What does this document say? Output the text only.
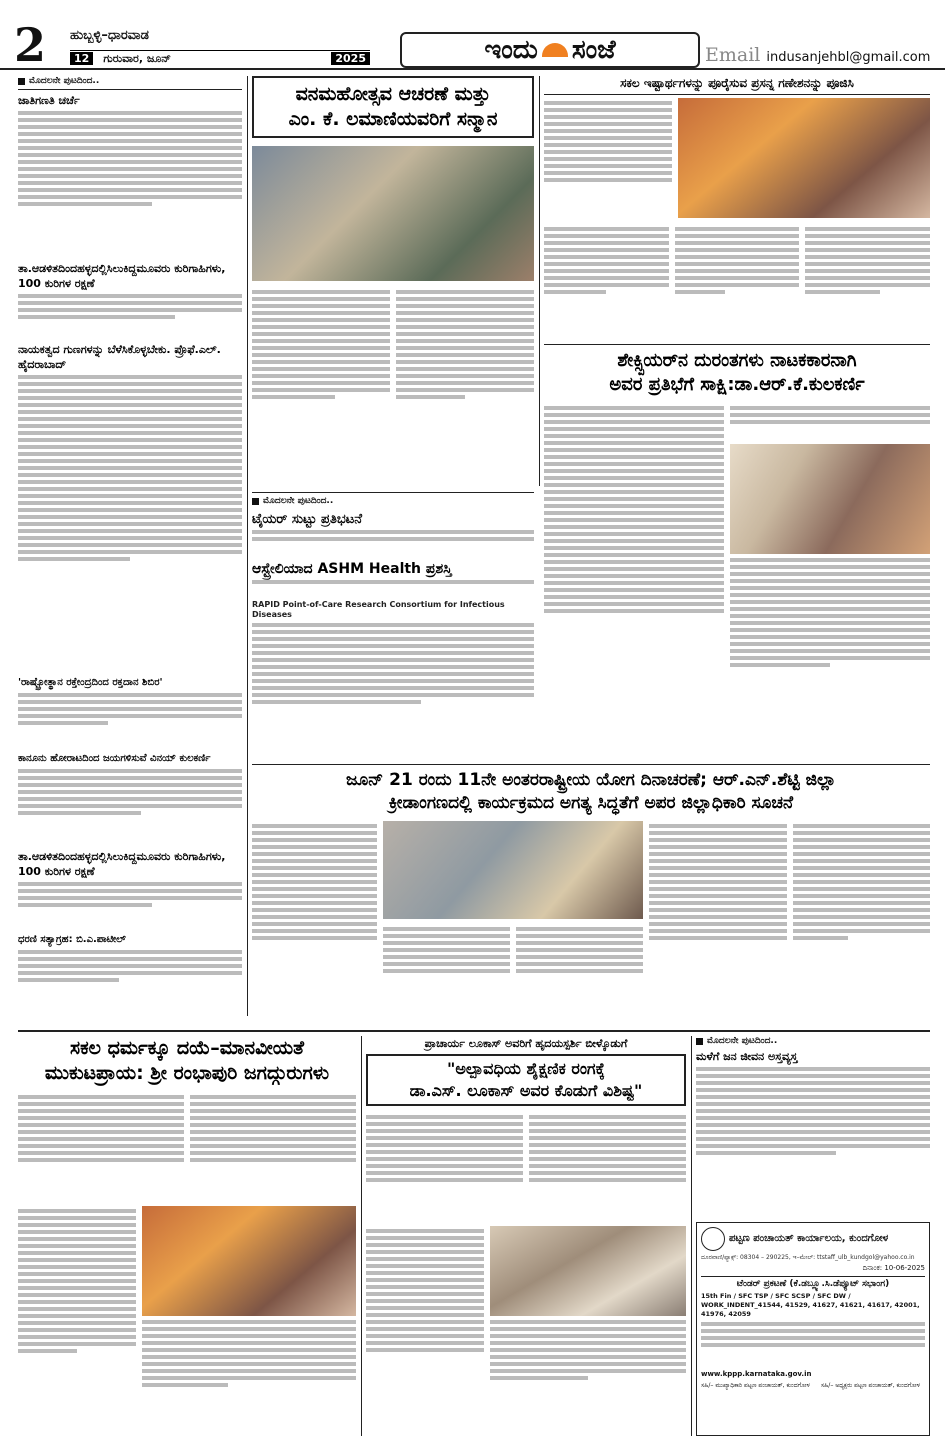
2 ಹುಬ್ಬಳ್ಳಿ–ಧಾರವಾಡ
12	ಗುರುವಾರ, ಜೂನ್	2025	ಇಂದು ಸಂಜೆ	Email indusanjehbl@gmail.com
ಮೊದಲನೇ ಪುಟದಿಂದ..
ಜಾತಿಗಣತಿ ಚರ್ಚೆ
ತಾ.ಆಡಳಿತದಿಂದಹಳ್ಳದಲ್ಲಿಸಿಲುಕಿದ್ದಮೂವರು ಕುರಿಗಾಹಿಗಳು, 100 ಕುರಿಗಳ ರಕ್ಷಣೆ
ನಾಯಕತ್ವದ ಗುಣಗಳನ್ನು ಬೆಳೆಸಿಕೊಳ್ಳಬೇಕು. ಪ್ರೊಫೆ.ಎಲ್. ಹೈದರಾಬಾದ್
'ರಾಷ್ಟ್ರೋತ್ಥಾನ ರಕ್ತೇಂದ್ರದಿಂದ ರಕ್ತದಾನ ಶಿಬಿರ'
ಕಾನೂನು ಹೋರಾಟದಿಂದ ಜಯಗಳಿಸುವೆ ವಿನಯ್ ಕುಲಕರ್ಣಿ
ತಾ.ಆಡಳಿತದಿಂದಹಳ್ಳದಲ್ಲಿಸಿಲುಕಿದ್ದಮೂವರು ಕುರಿಗಾಹಿಗಳು, 100 ಕುರಿಗಳ ರಕ್ಷಣೆ
ಧರಣಿ ಸತ್ಯಾಗ್ರಹ: ಬಿ.ಎ.ಪಾಟೀಲ್
ವನಮಹೋತ್ಸವ ಆಚರಣೆ ಮತ್ತು
ಎಂ. ಕೆ. ಲಮಾಣಿಯವರಿಗೆ ಸನ್ಮಾನ
ಸಕಲ ಇಷ್ಟಾರ್ಥಗಳನ್ನು ಪೂರೈಸುವ ಪ್ರಸನ್ನ ಗಣೇಶನನ್ನು ಪೂಜಿಸಿ
ಶೇಕ್ಸ್ಪಿಯರ್‌ನ ದುರಂತಗಳು ನಾಟಕಕಾರನಾಗಿ
ಅವರ ಪ್ರತಿಭೆಗೆ ಸಾಕ್ಷಿ:ಡಾ.ಆರ್.ಕೆ.ಕುಲಕರ್ಣಿ
ಮೊದಲನೇ ಪುಟದಿಂದ..
ಟೈಯರ್ ಸುಟ್ಟು ಪ್ರತಿಭಟನೆ
ಆಸ್ಟ್ರೇಲಿಯಾದ ASHM Health ಪ್ರಶಸ್ತಿ
RAPID Point-of-Care Research Consortium for Infectious Diseases
ಜೂನ್ 21 ರಂದು 11ನೇ ಅಂತರರಾಷ್ಟ್ರೀಯ ಯೋಗ ದಿನಾಚರಣೆ; ಆರ್.ಎನ್.ಶೆಟ್ಟಿ ಜಿಲ್ಲಾ
ಕ್ರೀಡಾಂಗಣದಲ್ಲಿ ಕಾರ್ಯಕ್ರಮದ ಅಗತ್ಯ ಸಿದ್ಧತೆಗೆ ಅಪರ ಜಿಲ್ಲಾಧಿಕಾರಿ ಸೂಚನೆ
ಸಕಲ ಧರ್ಮಕ್ಕೂ ದಯೆ–ಮಾನವೀಯತೆ
ಮುಕುಟಪ್ರಾಯ: ಶ್ರೀ ರಂಭಾಪುರಿ ಜಗದ್ಗುರುಗಳು
ಪ್ರಾಚಾರ್ಯ ಲೂಕಾಸ್ ಅವರಿಗೆ ಹೃದಯಸ್ಪರ್ಶಿ ಬೀಳ್ಕೊಡುಗೆ
"ಅಲ್ಪಾವಧಿಯ ಶೈಕ್ಷಣಿಕ ರಂಗಕ್ಕೆ
ಡಾ.ಎಸ್. ಲೂಕಾಸ್ ಅವರ ಕೊಡುಗೆ ವಿಶಿಷ್ಟ"
ಮೊದಲನೇ ಪುಟದಿಂದ..
ಮಳೆಗೆ ಜನ ಜೀವನ ಅಸ್ತವ್ಯಸ್ತ
ಪಟ್ಟಣ ಪಂಚಾಯತ್ ಕಾರ್ಯಾಲಯ, ಕುಂದಗೋಳ
ದೂರವಾಣಿ/ಫ್ಯಾಕ್ಸ್: 08304 – 290225, ಇ–ಮೇಲ್: ttstaff_ulb_kundgol@yahoo.co.in
ದಿನಾಂಕ: 10-06-2025
ಟೆಂಡರ್ ಪ್ರಕಟಣೆ (ಕೆ.ಡಬ್ಲ್ಯೂ.ಸಿ.ಡೆಪ್ಯೂಟ್ ಸಭಾಂಗ)
15th Fin / SFC TSP / SFC SCSP / SFC DW / WORK_INDENT_41544, 41529, 41627, 41621, 41617, 42001, 41976, 42059
www.kppp.karnataka.gov.in
ಸಹಿ/– ಮುಖ್ಯಾಧಿಕಾರಿ ಪಟ್ಟಣ ಪಂಚಾಯತ್, ಕುಂದಗೋಳ	ಸಹಿ/– ಅಧ್ಯಕ್ಷರು ಪಟ್ಟಣ ಪಂಚಾಯತ್, ಕುಂದಗೋಳ
